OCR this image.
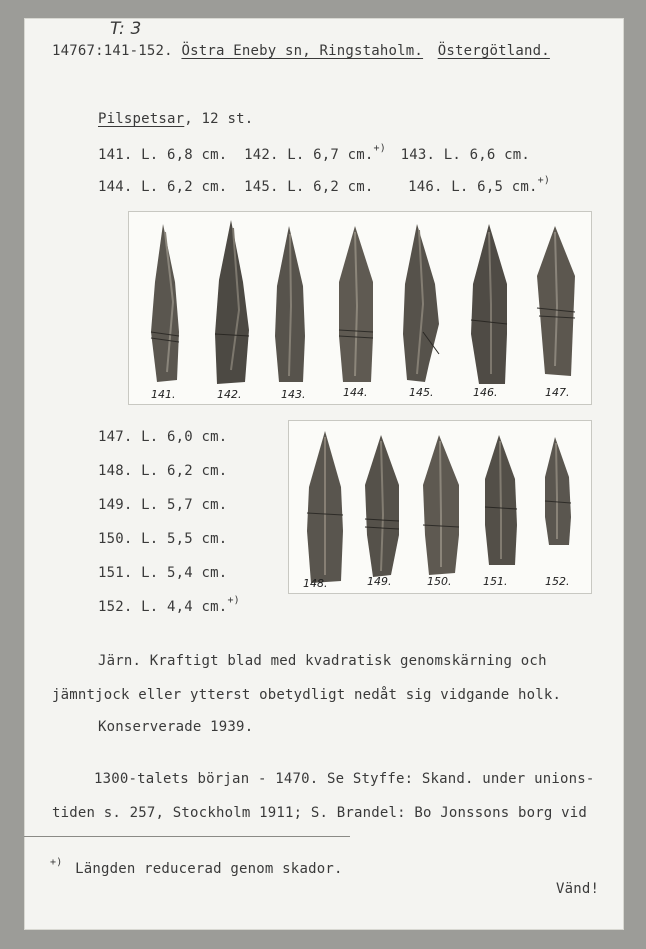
T: 3
14767:141-152. Östra Eneby sn, Ringstaholm. Östergötland.
Pilspetsar, 12 st.
141. L. 6,8 cm. 142. L. 6,7 cm.+) 143. L. 6,6 cm.
144. L. 6,2 cm. 145. L. 6,2 cm. 146. L. 6,5 cm.+)
141.	142.	143.	144.	145.	146.	147.
147. L. 6,0 cm.
148. L. 6,2 cm.
149. L. 5,7 cm.
150. L. 5,5 cm.
151. L. 5,4 cm.
152. L. 4,4 cm.+)
148.	149.	150.	151.	152.
Järn. Kraftigt blad med kvadratisk genomskärning och
jämntjock eller ytterst obetydligt nedåt sig vidgande holk.
Konserverade 1939.
1300-talets början - 1470. Se Styffe: Skand. under unions-
tiden s. 257, Stockholm 1911; S. Brandel: Bo Jonssons borg vid
+) Längden reducerad genom skador.
Vänd!
